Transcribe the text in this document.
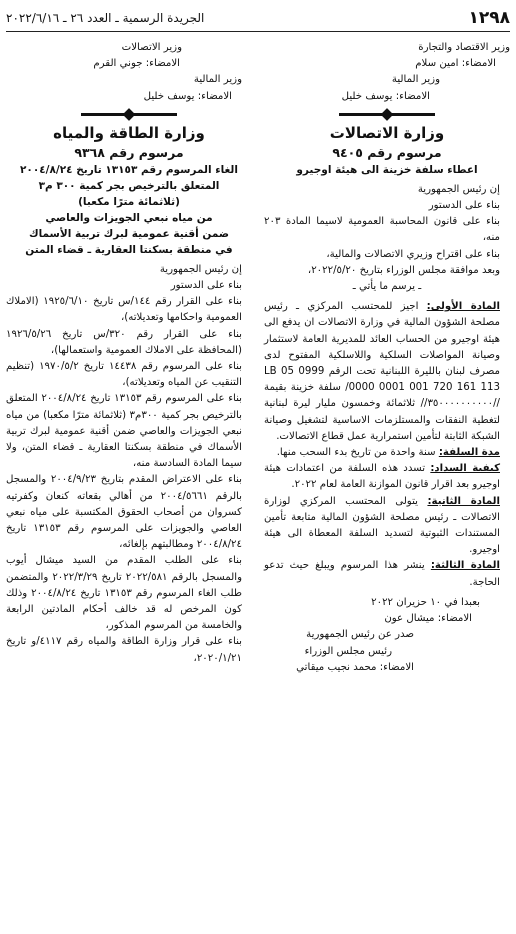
الجريدة الرسمية ـ العدد ٢٦ ـ ٢٠٢٢/٦/١٦	١٢٩٨

وزير الاقتصاد والتجارة

الامضاء: امين سلام

وزير المالية

الامضاء: يوسف خليل

وزارة الاتصالات

مرسوم رقم ٩٤٠٥

اعطاء سلفة خزينة الى هيئة اوجيرو

إن رئيس الجمهورية

بناء على الدستور

بناء على قانون المحاسبة العمومية لاسيما المادة ٢٠٣ منه،

بناء على اقتراح وزيري الاتصالات والمالية،

وبعد موافقة مجلس الوزراء بتاريخ ٢٠٢٢/٥/٢٠،

ـ يرسم ما يأتي ـ

المادة الأولى: اجيز للمحتسب المركزي ـ رئيس مصلحة الشؤون المالية في وزارة الاتصالات ان يدفع الى هيئة اوجيرو من الحساب العائد للمديرية العامة لاستثمار وصيانة المواصلات السلكية واللاسلكية المفتوح لدى مصرف لبنان بالليرة اللبنانية تحت الرقم LB 05 0999 0000 0001 001 720 161 113/ سلفة خزينة بقيمة //٣٥٠٠٠٠٠٠٠٠٠٠// ثلاثمائة وخمسون مليار ليرة لبنانية لتغطية النفقات والمستلزمات الاساسية لتشغيل وصيانة الشبكة الثابتة لتأمين استمرارية عمل قطاع الاتصالات.

مدة السلفة: سنة واحدة من تاريخ بدء السحب منها.

كيفية السداد: تسدد هذه السلفة من اعتمادات هيئة اوجيرو بعد اقرار قانون الموازنة العامة لعام ٢٠٢٢.

المادة الثانية: يتولى المحتسب المركزي لوزارة الاتصالات ـ رئيس مصلحة الشؤون المالية متابعة تأمين المستندات الثبوتية لتسديد السلفة المعطاة الى هيئة اوجيرو.

المادة الثالثة: ينشر هذا المرسوم ويبلغ حيث تدعو الحاجة.

بعبدا في ١٠ حزيران ٢٠٢٢

الامضاء: ميشال عون

صدر عن رئيس الجمهورية

رئيس مجلس الوزراء

الامضاء: محمد نجيب ميقاتي

وزير الاتصالات

الامضاء: جوني القرم

وزير المالية

الامضاء: يوسف خليل

وزارة الطاقة والمياه

مرسوم رقم ٩٣٦٨

الغاء المرسوم رقم ١٣١٥٣ تاريخ ٢٠٠٤/٨/٢٤

المتعلق بالترخيص بجر كمية ٣٠٠ م٣

(ثلاثمائة مترًا مكعبا)

من مياه نبعي الجويزات والعاصي

ضمن أقنية عمومية لبرك تربية الأسماك

في منطقة بسكنتا العقارية ـ قضاء المتن

إن رئيس الجمهورية

بناء على الدستور

بناء على القرار رقم ١٤٤/س تاريخ ١٩٢٥/٦/١٠ (الاملاك العمومية واحكامها وتعديلاته)،

بناء على القرار رقم ٣٢٠/س تاريخ ١٩٢٦/٥/٢٦ (المحافظة على الاملاك العمومية واستعمالها)،

بناء على المرسوم رقم ١٤٤٣٨ تاريخ ١٩٧٠/٥/٢ (تنظيم التنقيب عن المياه وتعديلاته)،

بناء على المرسوم رقم ١٣١٥٣ تاريخ ٢٠٠٤/٨/٢٤ المتعلق بالترخيص بجر كمية ٣٠٠م٣ (ثلاثمائة مترًا مكعبا) من مياه نبعي الجويزات والعاصي ضمن أقنية عمومية لبرك تربية الأسماك في منطقة بسكنتا العقارية ـ قضاء المتن، ولا سيما المادة السادسة منه،

بناء على الاعتراض المقدم بتاريخ ٢٠٠٤/٩/٢٣ والمسجل بالرقم ٢٠٠٤/٥٦٦١ من أهالي بقعاته كنعان وكفرتيه كسروان من أصحاب الحقوق المكتسبة على مياه نبعي العاصي والجويزات على المرسوم رقم ١٣١٥٣ تاريخ ٢٠٠٤/٨/٢٤ ومطالبتهم بإلغائه،

بناء على الطلب المقدم من السيد ميشال أيوب والمسجل بالرقم ٢٠٢٢/٥٨١ تاريخ ٢٠٢٢/٣/٢٩ والمتضمن طلب الغاء المرسوم رقم ١٣١٥٣ تاريخ ٢٠٠٤/٨/٢٤ وذلك كون المرخص له قد خالف أحكام المادتين الرابعة والخامسة من المرسوم المذكور،

بناء على قرار وزارة الطاقة والمياه رقم ٤١١٧/و تاريخ ٢٠٢٠/١/٢١،
